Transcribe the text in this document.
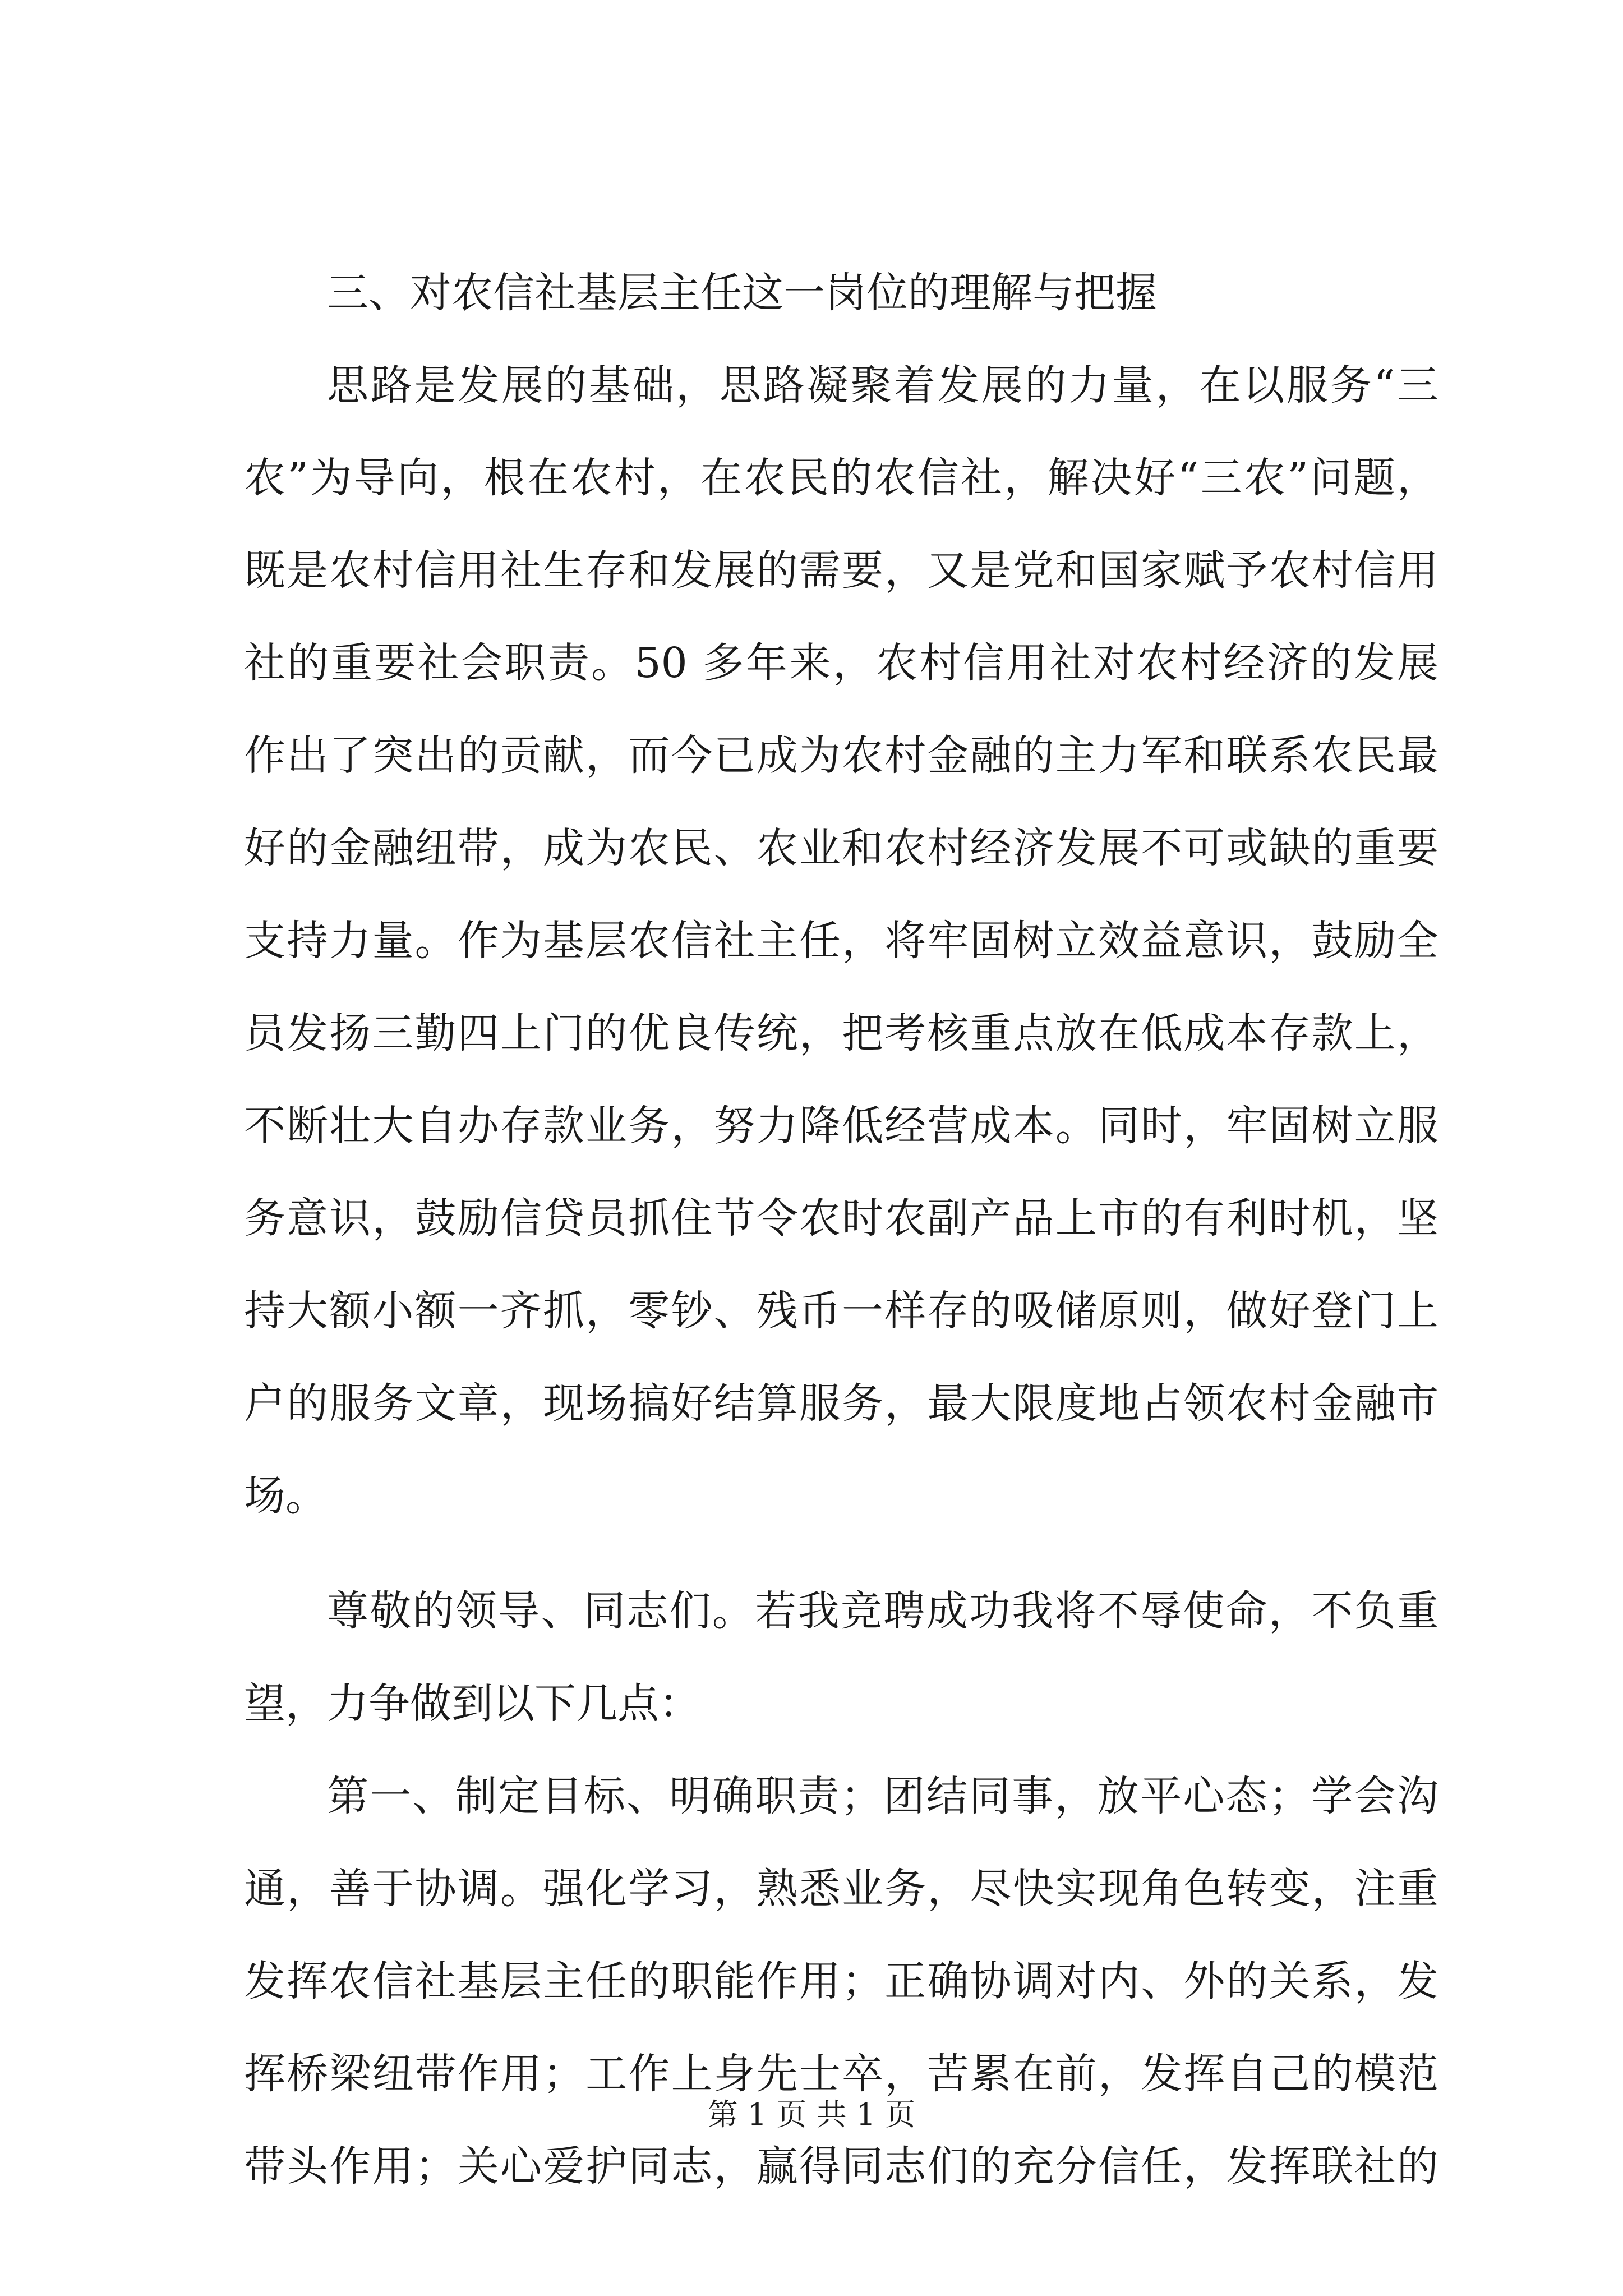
三、对农信社基层主任这一岗位的理解与把握
思路是发展的基础，思路凝聚着发展的力量，在以服务“三
农”为导向，根在农村，在农民的农信社，解决好“三农”问题，
既是农村信用社生存和发展的需要，又是党和国家赋予农村信用
社的重要社会职责。50 多年来，农村信用社对农村经济的发展
作出了突出的贡献，而今已成为农村金融的主力军和联系农民最
好的金融纽带，成为农民、农业和农村经济发展不可或缺的重要
支持力量。作为基层农信社主任，将牢固树立效益意识，鼓励全
员发扬三勤四上门的优良传统，把考核重点放在低成本存款上，
不断壮大自办存款业务，努力降低经营成本。同时，牢固树立服
务意识，鼓励信贷员抓住节令农时农副产品上市的有利时机，坚
持大额小额一齐抓，零钞、残币一样存的吸储原则，做好登门上
户的服务文章，现场搞好结算服务，最大限度地占领农村金融市
场。
尊敬的领导、同志们。若我竞聘成功我将不辱使命，不负重
望，力争做到以下几点：
第一、制定目标、明确职责；团结同事，放平心态；学会沟
通，善于协调。强化学习，熟悉业务，尽快实现角色转变，注重
发挥农信社基层主任的职能作用；正确协调对内、外的关系，发
挥桥梁纽带作用；工作上身先士卒，苦累在前，发挥自己的模范
带头作用；关心爱护同志，赢得同志们的充分信任，发挥联社的
第 1 页 共 1 页
